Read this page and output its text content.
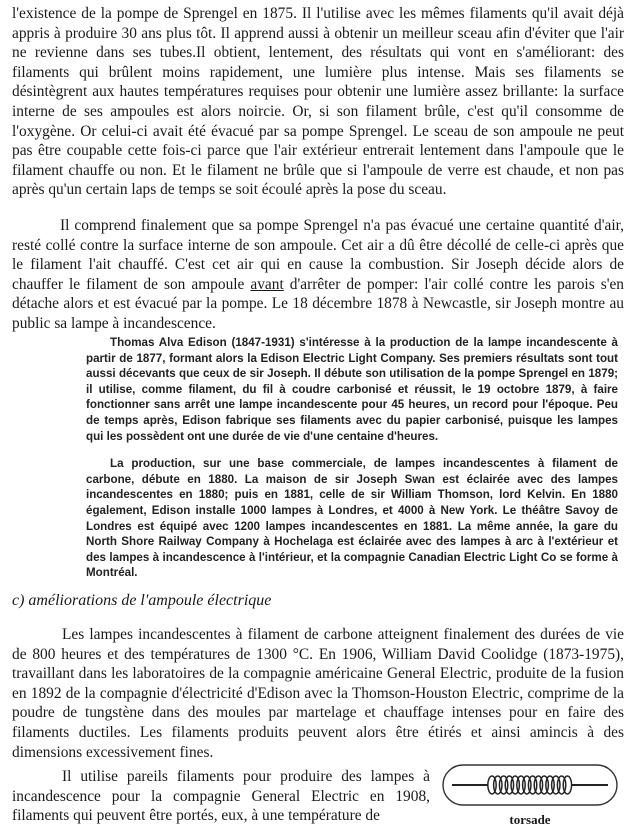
l'existence de la pompe de Sprengel en 1875. Il l'utilise avec les mêmes filaments qu'il avait déjà appris à produire 30 ans plus tôt. Il apprend aussi à obtenir un meilleur sceau afin d'éviter que l'air ne revienne dans ses tubes.Il obtient, lentement, des résultats qui vont en s'améliorant: des filaments qui brûlent moins rapidement, une lumière plus intense. Mais ses filaments se désintègrent aux hautes températures requises pour obtenir une lumière assez brillante: la surface interne de ses ampoules est alors noircie. Or, si son filament brûle, c'est qu'il consomme de l'oxygène. Or celui-ci avait été évacué par sa pompe Sprengel. Le sceau de son ampoule ne peut pas être coupable cette fois-ci parce que l'air extérieur entrerait lentement dans l'ampoule que le filament chauffe ou non. Et le filament ne brûle que si l'ampoule de verre est chaude, et non pas après qu'un certain laps de temps se soit écoulé après la pose du sceau.

Il comprend finalement que sa pompe Sprengel n'a pas évacué une certaine quantité d'air, resté collé contre la surface interne de son ampoule. Cet air a dû être décollé de celle-ci après que le filament l'ait chauffé. C'est cet air qui en cause la combustion. Sir Joseph décide alors de chauffer le filament de son ampoule avant d'arrêter de pomper: l'air collé contre les parois s'en détache alors et est évacué par la pompe. Le 18 décembre 1878 à Newcastle, sir Joseph montre au public sa lampe à incandescence.

Thomas Alva Edison (1847-1931) s'intéresse à la production de la lampe incandescente à partir de 1877, formant alors la Edison Electric Light Company. Ses premiers résultats sont tout aussi décevants que ceux de sir Joseph. Il débute son utilisation de la pompe Sprengel en 1879; il utilise, comme filament, du fil à coudre carbonisé et réussit, le 19 octobre 1879, à faire fonctionner sans arrêt une lampe incandescente pour 45 heures, un record pour l'époque. Peu de temps après, Edison fabrique ses filaments avec du papier carbonisé, puisque les lampes qui les possèdent ont une durée de vie d'une centaine d'heures.

La production, sur une base commerciale, de lampes incandescentes à filament de carbone, débute en 1880. La maison de sir Joseph Swan est éclairée avec des lampes incandescentes en 1880; puis en 1881, celle de sir William Thomson, lord Kelvin. En 1880 également, Edison installe 1000 lampes à Londres, et 4000 à New York. Le théâtre Savoy de Londres est équipé avec 1200 lampes incandescentes en 1881. La même année, la gare du North Shore Railway Company à Hochelaga est éclairée avec des lampes à arc à l'extérieur et des lampes à incandescence à l'intérieur, et la compagnie Canadian Electric Light Co se forme à Montréal.

c) améliorations de l'ampoule électrique

Les lampes incandescentes à filament de carbone atteignent finalement des durées de vie de 800 heures et des températures de 1300 °C. En 1906, William David Coolidge (1873-1975), travaillant dans les laboratoires de la compagnie américaine General Electric, produite de la fusion en 1892 de la compagnie d'électricité d'Edison avec la Thomson-Houston Electric, comprime de la poudre de tungstène dans des moules par martelage et chauffage intenses pour en faire des filaments ductiles. Les filaments produits peuvent alors être étirés et ainsi amincis à des dimensions excessivement fines.

Il utilise pareils filaments pour produire des lampes à incandescence pour la compagnie General Electric en 1908, filaments qui peuvent être portés, eux, à une température de	torsade
